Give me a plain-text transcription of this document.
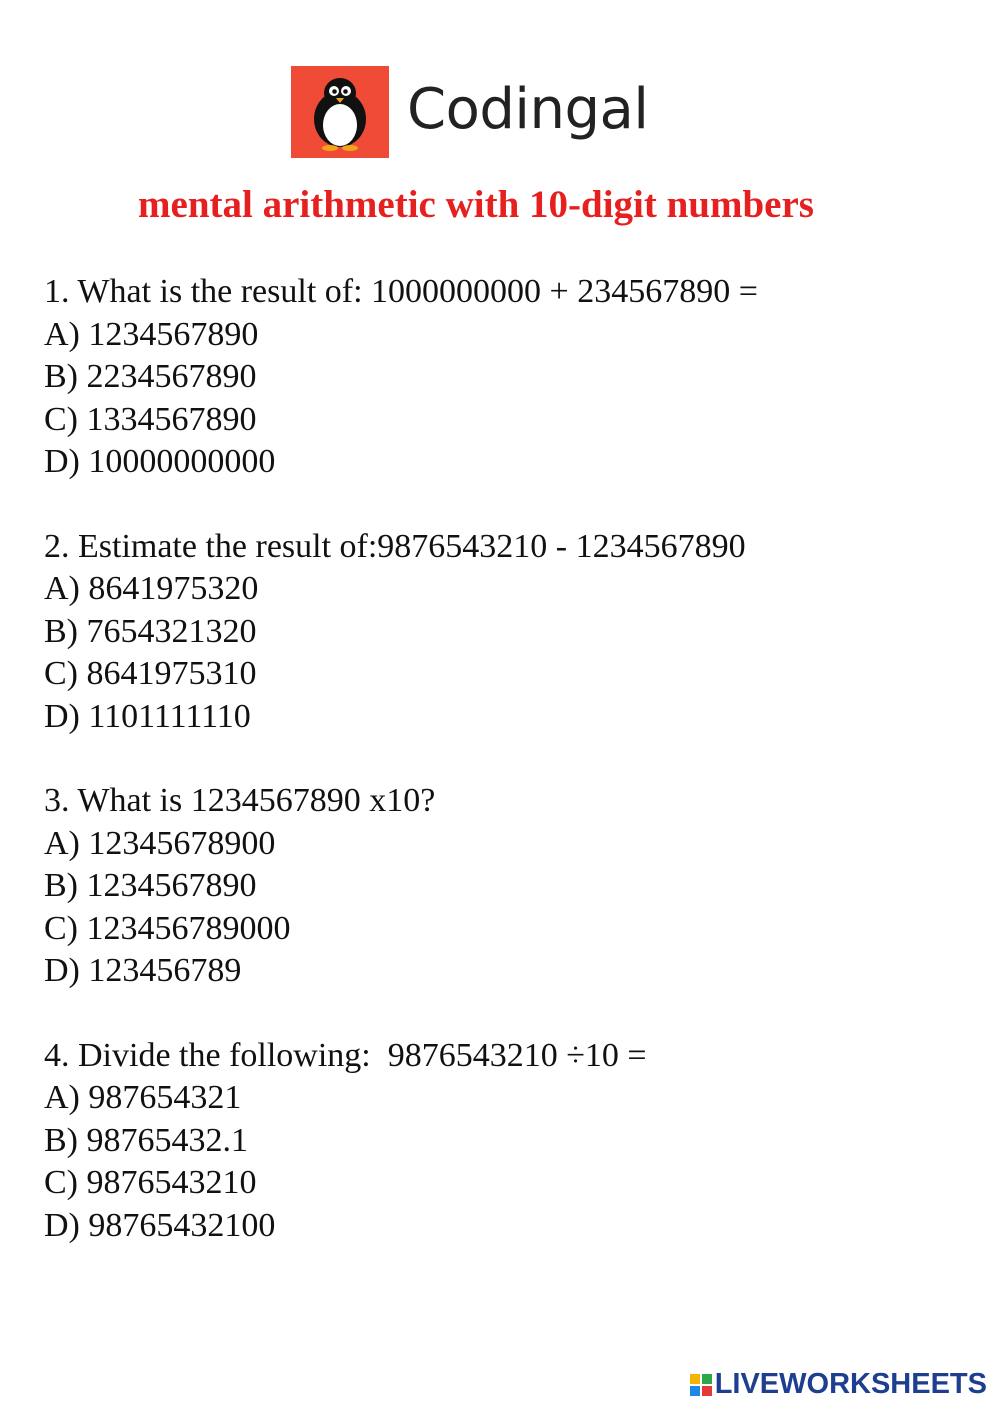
Codingal
mental arithmetic with 10-digit numbers
1. What is the result of: 1000000000 + 234567890 =
A) 1234567890
B) 2234567890
C) 1334567890
D) 10000000000
2. Estimate the result of:9876543210 - 1234567890
A) 8641975320
B) 7654321320
C) 8641975310
D) 1101111110
3. What is 1234567890 x10?
A) 12345678900
B) 1234567890
C) 123456789000
D) 123456789
4. Divide the following:  9876543210 ÷10 =
A) 987654321
B) 98765432.1
C) 9876543210
D) 98765432100
LIVEWORKSHEETS
